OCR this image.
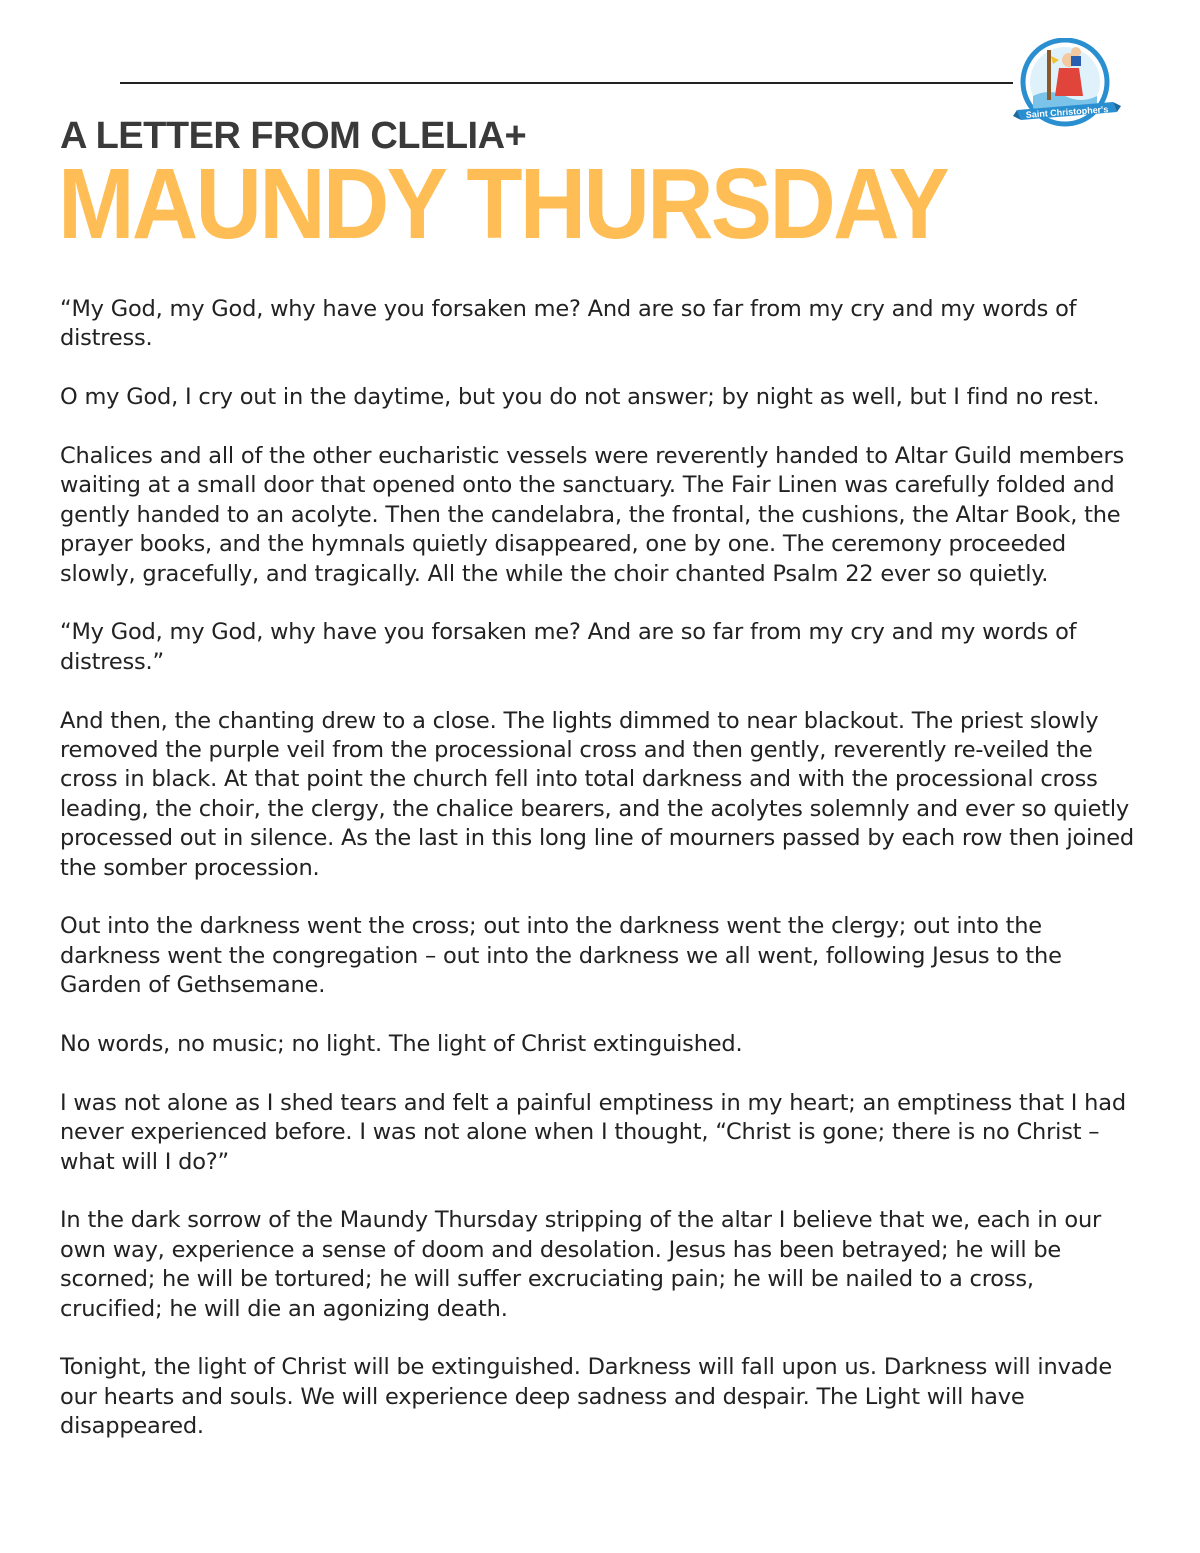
Saint Christopher's
A LETTER FROM CLELIA+
MAUNDY THURSDAY

“My God, my God, why have you forsaken me? And are so far from my cry and my words of distress.

O my God, I cry out in the daytime, but you do not answer; by night as well, but I find no rest.

Chalices and all of the other eucharistic vessels were reverently handed to Altar Guild members waiting at a small door that opened onto the sanctuary. The Fair Linen was carefully folded and gently handed to an acolyte. Then the candelabra, the frontal, the cushions, the Altar Book, the prayer books, and the hymnals quietly disappeared, one by one. The ceremony proceeded slowly, gracefully, and tragically. All the while the choir chanted Psalm 22 ever so quietly.

“My God, my God, why have you forsaken me? And are so far from my cry and my words of distress.”

And then, the chanting drew to a close. The lights dimmed to near blackout. The priest slowly removed the purple veil from the processional cross and then gently, reverently re-veiled the cross in black. At that point the church fell into total darkness and with the processional cross leading, the choir, the clergy, the chalice bearers, and the acolytes solemnly and ever so quietly processed out in silence. As the last in this long line of mourners passed by each row then joined the somber procession.

Out into the darkness went the cross; out into the darkness went the clergy; out into the darkness went the congregation – out into the darkness we all went, following Jesus to the Garden of Gethsemane.

No words, no music; no light. The light of Christ extinguished.

I was not alone as I shed tears and felt a painful emptiness in my heart; an emptiness that I had never experienced before. I was not alone when I thought, “Christ is gone; there is no Christ – what will I do?”

In the dark sorrow of the Maundy Thursday stripping of the altar I believe that we, each in our own way, experience a sense of doom and desolation. Jesus has been betrayed; he will be scorned; he will be tortured; he will suffer excruciating pain; he will be nailed to a cross, crucified; he will die an agonizing death.

Tonight, the light of Christ will be extinguished. Darkness will fall upon us. Darkness will invade our hearts and souls. We will experience deep sadness and despair. The Light will have disappeared.
